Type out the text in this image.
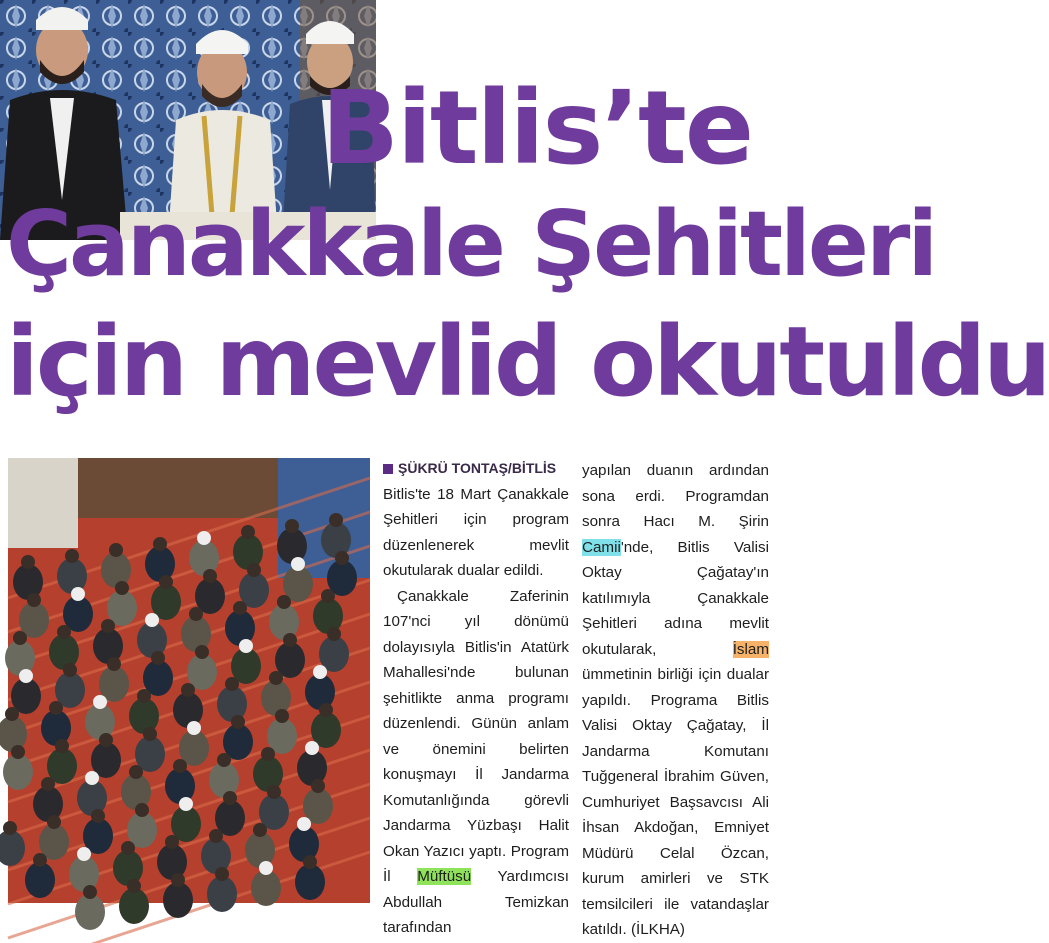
Bitlis’te
Çanakkale Şehitleri
için mevlid okutuldu
ŞÜKRÜ TONTAŞ/BİTLİS

Bitlis'te 18 Mart Çanakkale Şehitleri için program düzenlenerek mevlit okutularak dualar edildi.

Çanakkale Zaferinin 107'nci yıl dönümü dolayısıyla Bitlis'in Atatürk Mahallesi'nde bulunan şehitlikte anma programı düzenlendi. Günün anlam ve önemini belirten konuşmayı İl Jandarma Komutanlığında görevli Jandarma Yüzbaşı Halit Okan Yazıcı yaptı. Program İl Müftüsü Yardımcısı Abdullah Temizkan tarafından

yapılan duanın ardından sona erdi. Programdan sonra Hacı M. Şirin Camii'nde, Bitlis Valisi Oktay Çağatay'ın katılımıyla Çanakkale Şehitleri adına mevlit okutularak, İslam ümmetinin birliği için dualar yapıldı. Programa Bitlis Valisi Oktay Çağatay, İl Jandarma Komutanı Tuğgeneral İbrahim Güven, Cumhuriyet Başsavcısı Ali İhsan Akdoğan, Emniyet Müdürü Celal Özcan, kurum amirleri ve STK temsilcileri ile vatandaşlar katıldı. (İLKHA)
